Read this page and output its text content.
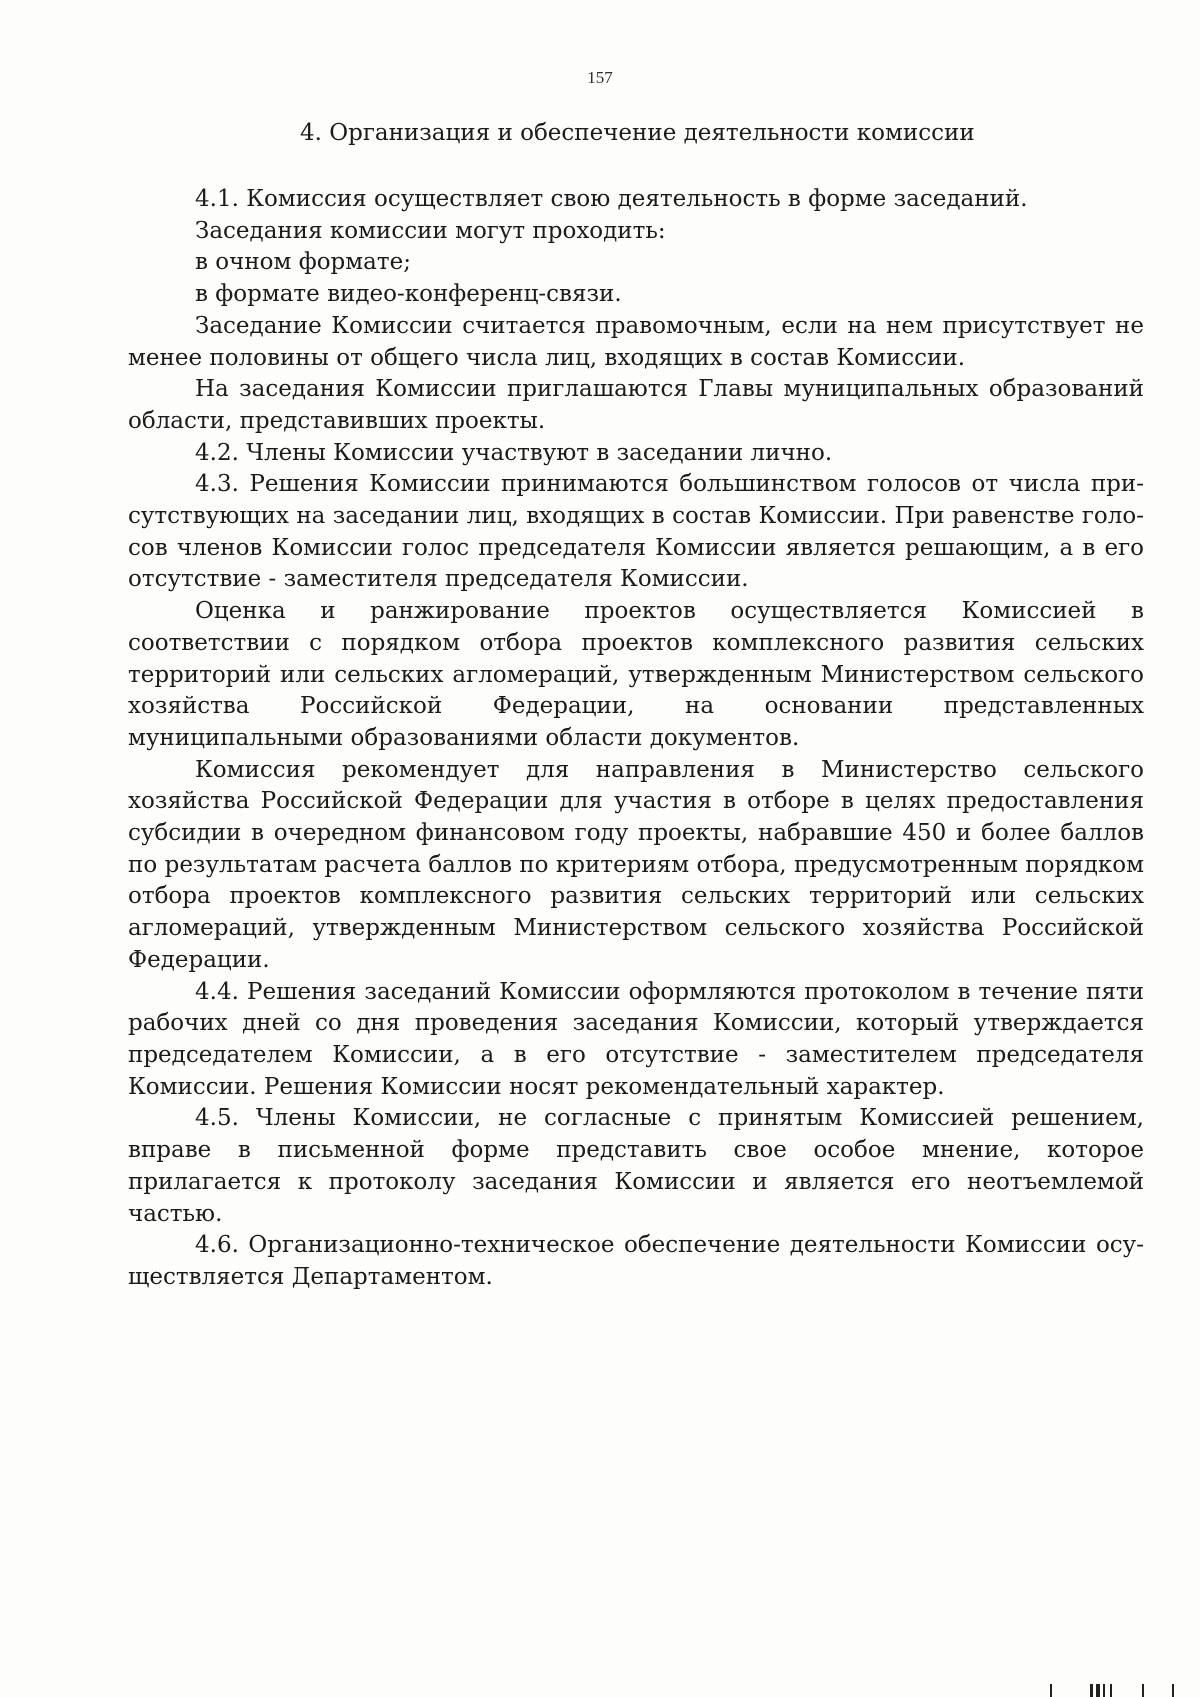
157
4. Организация и обеспечение деятельности комиссии

4.1. Комиссия осуществляет свою деятельность в форме заседаний.

Заседания комиссии могут проходить:

в очном формате;

в формате видео-конференц-связи.

Заседание Комиссии считается правомочным, если на нем присутствует не менее половины от общего числа лиц, входящих в состав Комиссии.

На заседания Комиссии приглашаются Главы муниципальных образований области, представивших проекты.

4.2. Члены Комиссии участвуют в заседании лично.

4.3. Решения Комиссии принимаются большинством голосов от числа присутствующих на заседании лиц, входящих в состав Комиссии. При равенстве голосов членов Комиссии голос председателя Комиссии является решающим, а в его отсутствие - заместителя председателя Комиссии.

Оценка и ранжирование проектов осуществляется Комиссией в соответствии с порядком отбора проектов комплексного развития сельских территорий или сельских агломераций, утвержденным Министерством сельского хозяйства Российской Федерации, на основании представленных муниципальными образованиями области документов.

Комиссия рекомендует для направления в Министерство сельского хозяйства Российской Федерации для участия в отборе в целях предоставления субсидии в очередном финансовом году проекты, набравшие 450 и более баллов по результатам расчета баллов по критериям отбора, предусмотренным порядком отбора проектов комплексного развития сельских территорий или сельских агломераций, утвержденным Министерством сельского хозяйства Российской Федерации.

4.4. Решения заседаний Комиссии оформляются протоколом в течение пяти рабочих дней со дня проведения заседания Комиссии, который утверждается председателем Комиссии, а в его отсутствие - заместителем председателя Комиссии. Решения Комиссии носят рекомендательный характер.

4.5. Члены Комиссии, не согласные с принятым Комиссией решением, вправе в письменной форме представить свое особое мнение, которое прилагается к протоколу заседания Комиссии и является его неотъемлемой частью.

4.6. Организационно-техническое обеспечение деятельности Комиссии осуществляется Департаментом.
